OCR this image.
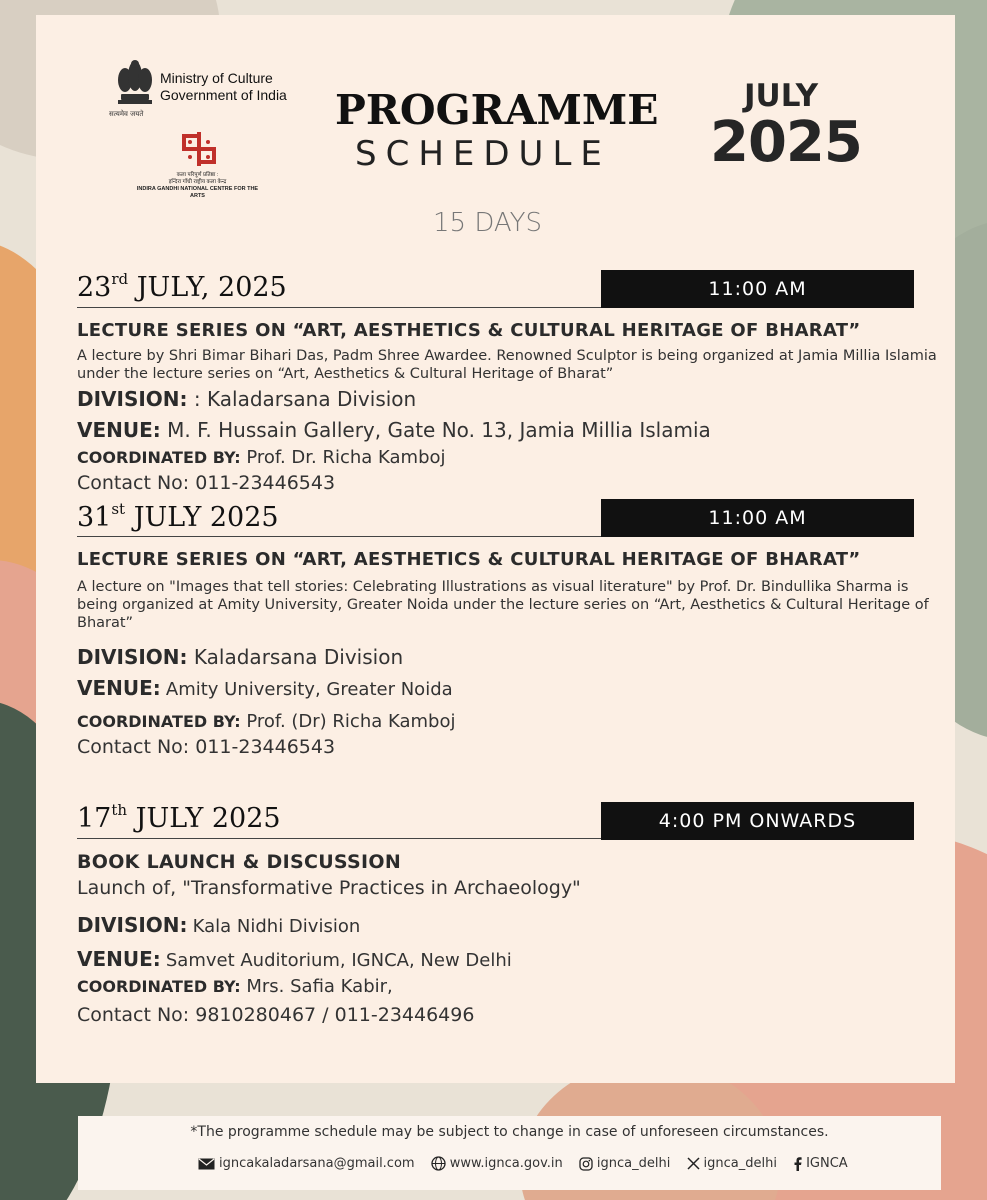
सत्यमेव जयते
Ministry of Culture
Government of India
कला परिपूर्ण प्रतिष्ठा :
इन्दिरा गाँधी राष्ट्रीय कला केन्द्र
INDIRA GANDHI NATIONAL CENTRE FOR THE ARTS
PROGRAMME
SCHEDULE
JULY
2025
15 DAYS
23rd JULY, 2025	11:00 AM
LECTURE SERIES ON “ART, AESTHETICS & CULTURAL HERITAGE OF BHARAT”
A lecture by Shri Bimar Bihari Das, Padm Shree Awardee. Renowned Sculptor is being organized at Jamia Millia Islamia under the lecture series on “Art, Aesthetics & Cultural Heritage of Bharat”
DIVISION: : Kaladarsana Division
VENUE: M. F. Hussain Gallery, Gate No. 13, Jamia Millia Islamia
COORDINATED BY: Prof. Dr. Richa Kamboj
Contact No: 011-23446543
31st JULY 2025	11:00 AM
LECTURE SERIES ON “ART, AESTHETICS & CULTURAL HERITAGE OF BHARAT”
A lecture on "Images that tell stories: Celebrating Illustrations as visual literature" by Prof. Dr. Bindullika Sharma is being organized at Amity University, Greater Noida under the lecture series on “Art, Aesthetics & Cultural Heritage of Bharat”
DIVISION: Kaladarsana Division
VENUE: Amity University, Greater Noida
COORDINATED BY: Prof. (Dr) Richa Kamboj
Contact No: 011-23446543
17th JULY 2025	4:00 PM ONWARDS
BOOK LAUNCH & DISCUSSION
Launch of, "Transformative Practices in Archaeology"
DIVISION: Kala Nidhi Division
VENUE: Samvet Auditorium, IGNCA, New Delhi
COORDINATED BY: Mrs. Safia Kabir,
Contact No: 9810280467 / 011-23446496
*The programme schedule may be subject to change in case of unforeseen circumstances.
igncakaladarsana@gmail.com	www.ignca.gov.in	ignca_delhi	ignca_delhi IGNCA
